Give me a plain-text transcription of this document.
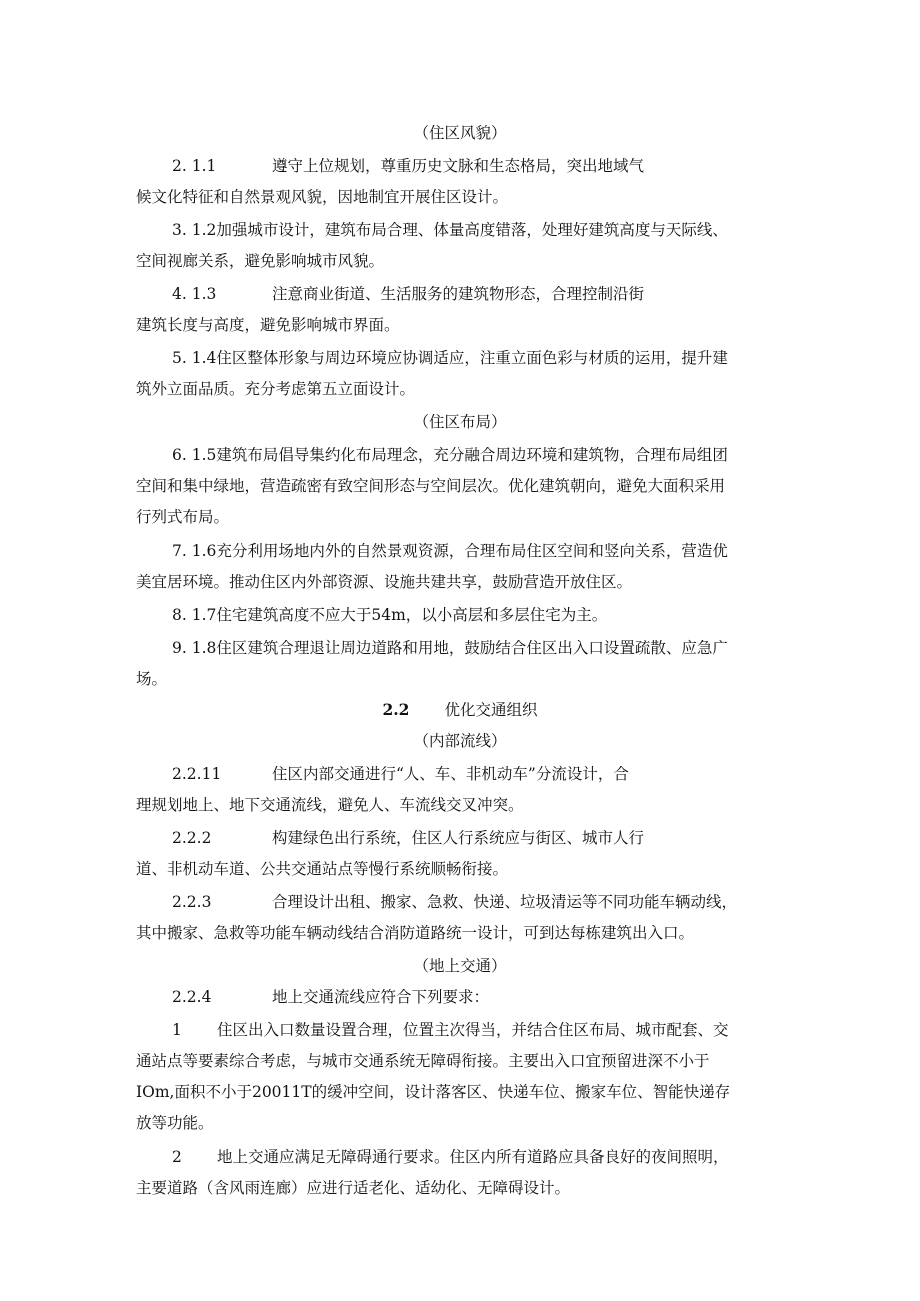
（住区风貌）
2. 1.1	遵守上位规划，尊重历史文脉和生态格局，突出地域气
候文化特征和自然景观风貌，因地制宜开展住区设计。
3. 1.2加强城市设计，建筑布局合理、体量高度错落，处理好建筑高度与天际线、
空间视廊关系，避免影响城市风貌。
4. 1.3	注意商业街道、生活服务的建筑物形态，合理控制沿街
建筑长度与高度，避免影响城市界面。
5. 1.4住区整体形象与周边环境应协调适应，注重立面色彩与材质的运用，提升建
筑外立面品质。充分考虑第五立面设计。
（住区布局）
6. 1.5建筑布局倡导集约化布局理念，充分融合周边环境和建筑物，合理布局组团
空间和集中绿地，营造疏密有致空间形态与空间层次。优化建筑朝向，避免大面积采用
行列式布局。
7. 1.6充分利用场地内外的自然景观资源，合理布局住区空间和竖向关系，营造优
美宜居环境。推动住区内外部资源、设施共建共享，鼓励营造开放住区。
8. 1.7住宅建筑高度不应大于54m，以小高层和多层住宅为主。
9. 1.8住区建筑合理退让周边道路和用地，鼓励结合住区出入口设置疏散、应急广
场。
2.2 优化交通组织
（内部流线）
2.2.11	住区内部交通进行“人、车、非机动车”分流设计，合
理规划地上、地下交通流线，避免人、车流线交叉冲突。
2.2.2	构建绿色出行系统，住区人行系统应与街区、城市人行
道、非机动车道、公共交通站点等慢行系统顺畅衔接。
2.2.3	合理设计出租、搬家、急救、快递、垃圾清运等不同功能车辆动线，
其中搬家、急救等功能车辆动线结合消防道路统一设计，可到达每栋建筑出入口。
（地上交通）
2.2.4	地上交通流线应符合下列要求：
1 住区出入口数量设置合理，位置主次得当，并结合住区布局、城市配套、交
通站点等要素综合考虑，与城市交通系统无障碍衔接。主要出入口宜预留进深不小于
IOm,面积不小于20011T的缓冲空间，设计落客区、快递车位、搬家车位、智能快递存
放等功能。
2 地上交通应满足无障碍通行要求。住区内所有道路应具备良好的夜间照明，
主要道路（含风雨连廊）应进行适老化、适幼化、无障碍设计。
